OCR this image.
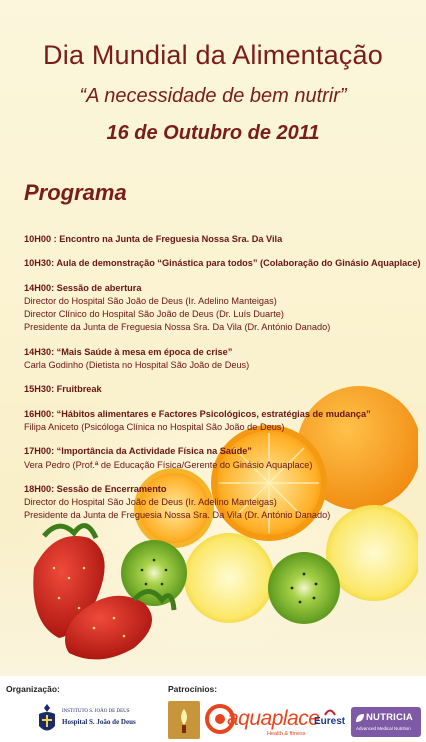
Dia Mundial da Alimentação
“A necessidade de bem nutrir”
16 de Outubro de 2011
Programa
10H00 : Encontro na Junta de Freguesia Nossa Sra. Da Vila
10H30: Aula de demonstração “Ginástica para todos” (Colaboração do Ginásio Aquaplace)
14H00: Sessão de abertura
Director do Hospital São João de Deus (Ir. Adelino Manteigas)
Director Clínico do Hospital São João de Deus (Dr. Luís Duarte)
Presidente da Junta de Freguesia Nossa Sra. Da Vila (Dr. António Danado)
14H30: “Mais Saúde à mesa em época de crise”
Carla Godinho (Dietista no Hospital São João de Deus)
15H30: Fruitbreak
16H00: “Hábitos alimentares e Factores Psicológicos, estratégias de mudança”
Filipa Aniceto (Psicóloga Clínica no Hospital São João de Deus)
17H00: “Importância da Actividade Física na Saúde”
Vera Pedro (Prof.ª de Educação Física/Gerente do Ginásio Aquaplace)
18H00: Sessão de Encerramento
Director do Hospital São João de Deus (Ir. Adelino Manteigas)
Presidente da Junta de Freguesia Nossa Sra. Da Vila (Dr. António Danado)
Organização:	Patrocínios:
INSTITUTO S. JOÃO DE DEUS
Hospital S. João de Deus	aquaplace
Health & fitness
Eurest NUTRICIA
Advanced Medical Nutrition
